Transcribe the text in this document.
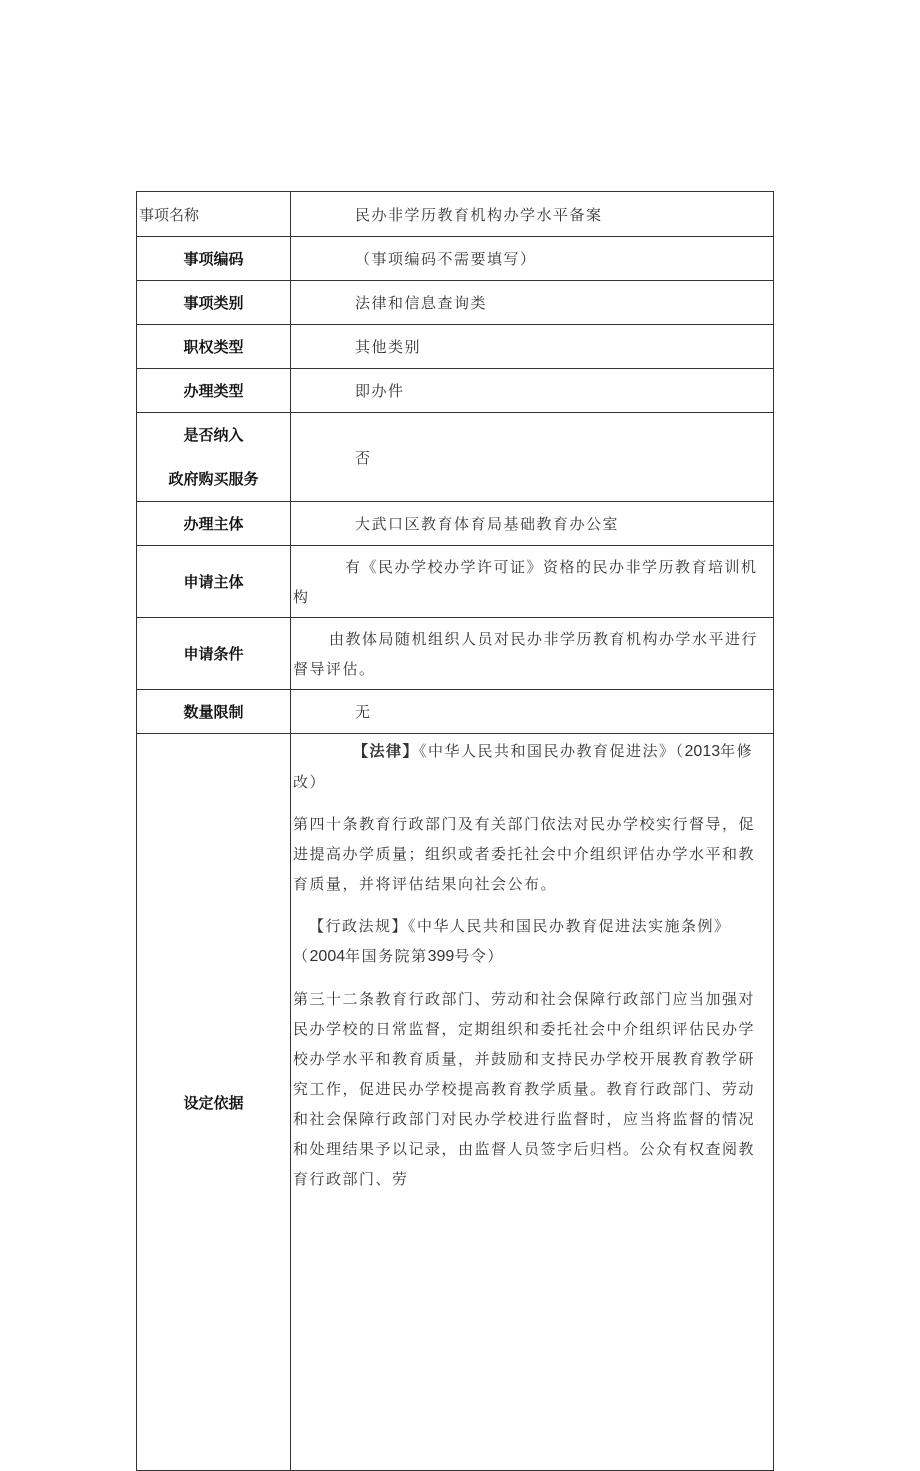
事项名称	民办非学历教育机构办学水平备案
事项编码	（事项编码不需要填写）
事项类别	法律和信息查询类
职权类型	其他类别
办理类型	即办件

是否纳入
政府购买服务	否
办理主体	大武口区教育体育局基础教育办公室
申请主体	有《民办学校办学许可证》资格的民办非学历教育培训机构
申请条件	由教体局随机组织人员对民办非学历教育机构办学水平进行督导评估。
数量限制	无
设定依据	【法律】《中华人民共和国民办教育促进法》（2013年修改）

第四十条教育行政部门及有关部门依法对民办学校实行督导，促进提高办学质量；组织或者委托社会中介组织评估办学水平和教育质量，并将评估结果向社会公布。

【行政法规】《中华人民共和国民办教育促进法实施条例》（2004年国务院第399号令）

第三十二条教育行政部门、劳动和社会保障行政部门应当加强对民办学校的日常监督，定期组织和委托社会中介组织评估民办学校办学水平和教育质量，并鼓励和支持民办学校开展教育教学研究工作，促进民办学校提高教育教学质量。教育行政部门、劳动和社会保障行政部门对民办学校进行监督时，应当将监督的情况和处理结果予以记录，由监督人员签字后归档。公众有权查阅教育行政部门、劳
